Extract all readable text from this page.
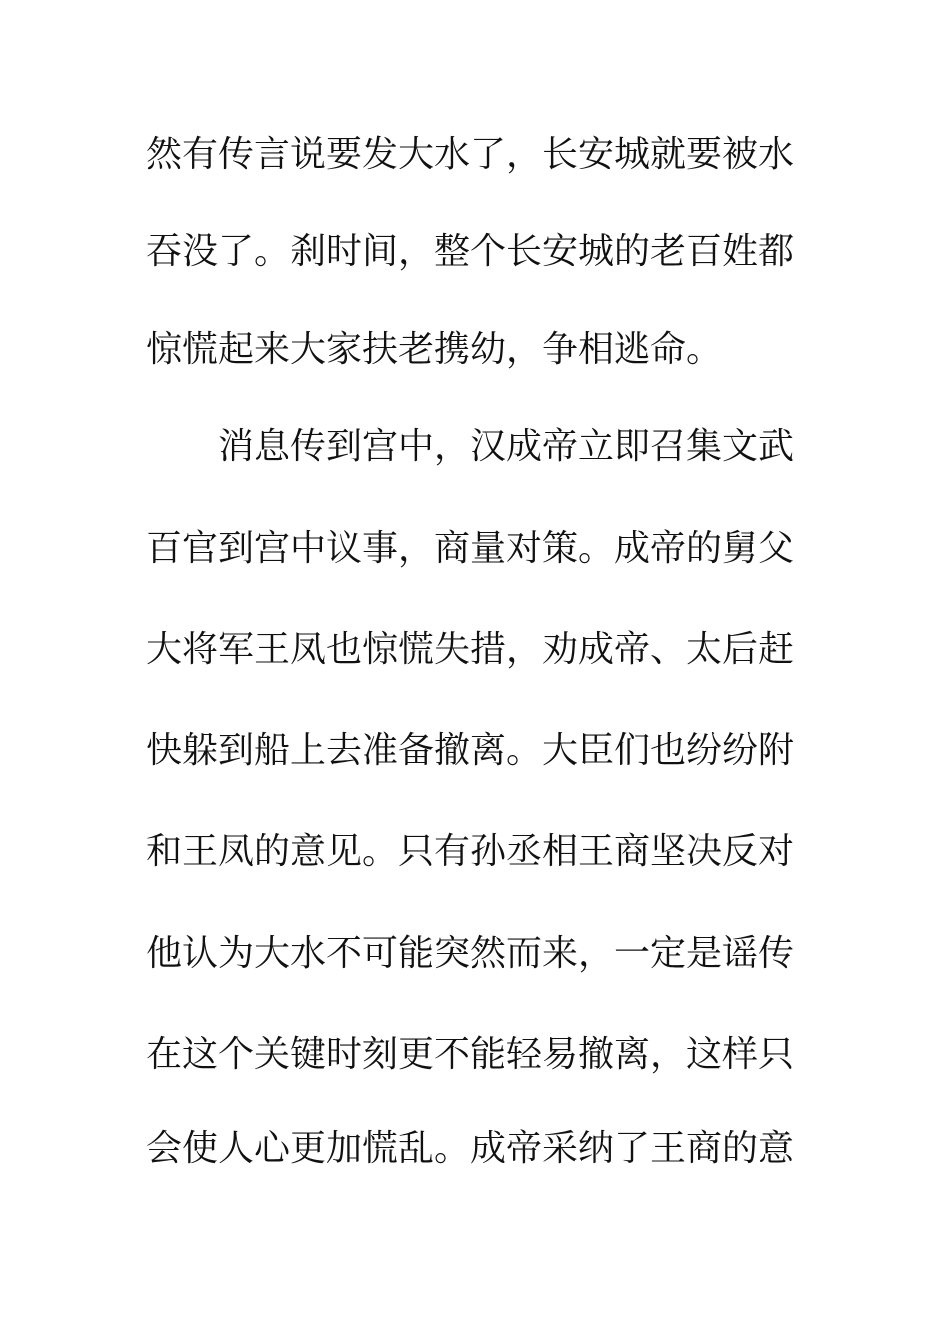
然有传言说要发大水了，长安城就要被水
吞没了。刹时间，整个长安城的老百姓都
惊慌起来大家扶老携幼，争相逃命。
消息传到宫中，汉成帝立即召集文武
百官到宫中议事，商量对策。成帝的舅父
大将军王凤也惊慌失措，劝成帝、太后赶
快躲到船上去准备撤离。大臣们也纷纷附
和王凤的意见。只有孙丞相王商坚决反对
他认为大水不可能突然而来，一定是谣传
在这个关键时刻更不能轻易撤离，这样只
会使人心更加慌乱。成帝采纳了王商的意
